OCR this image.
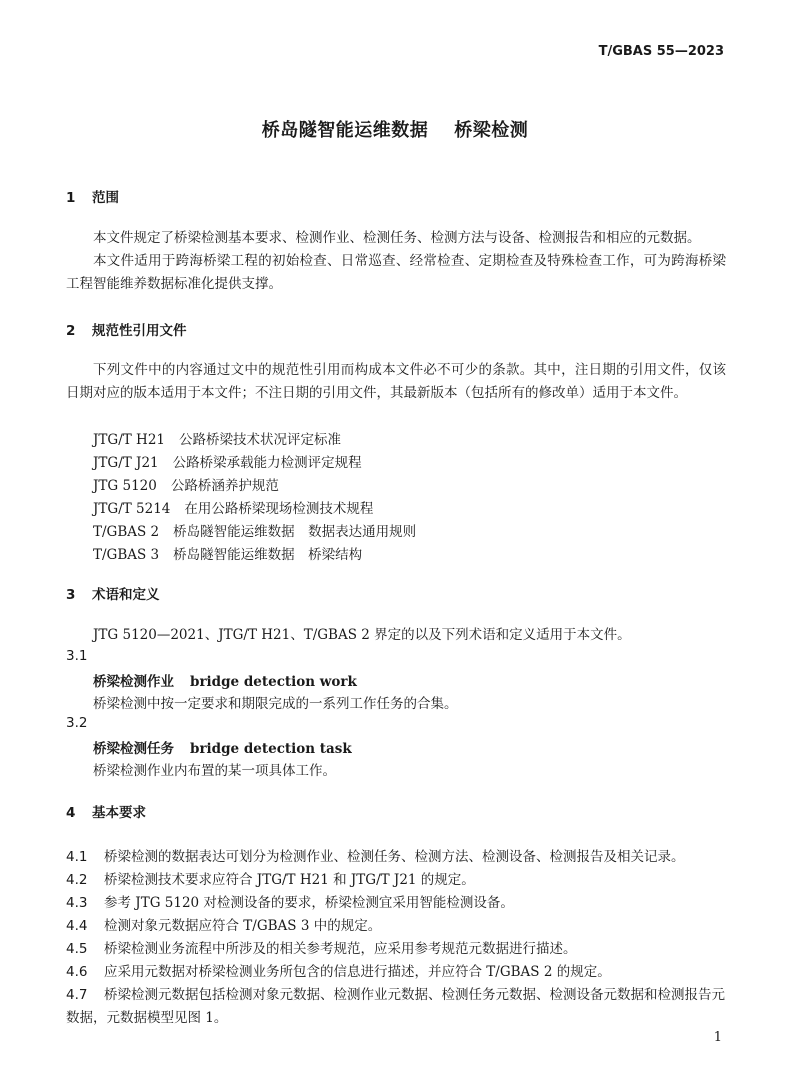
T/GBAS 55—2023
桥岛隧智能运维数据 桥梁检测
1 范围
本文件规定了桥梁检测基本要求、检测作业、检测任务、检测方法与设备、检测报告和相应的元数据。
本文件适用于跨海桥梁工程的初始检查、日常巡查、经常检查、定期检查及特殊检查工作，可为跨海桥梁工程智能维养数据标准化提供支撑。
2 规范性引用文件
下列文件中的内容通过文中的规范性引用而构成本文件必不可少的条款。其中，注日期的引用文件，仅该日期对应的版本适用于本文件；不注日期的引用文件，其最新版本（包括所有的修改单）适用于本文件。
JTG/T H21 公路桥梁技术状况评定标准
JTG/T J21 公路桥梁承载能力检测评定规程
JTG 5120 公路桥涵养护规范
JTG/T 5214 在用公路桥梁现场检测技术规程
T/GBAS 2 桥岛隧智能运维数据　数据表达通用规则
T/GBAS 3 桥岛隧智能运维数据　桥梁结构
3 术语和定义
JTG 5120—2021、JTG/T H21、T/GBAS 2 界定的以及下列术语和定义适用于本文件。
3.1
桥梁检测作业 bridge detection work
桥梁检测中按一定要求和期限完成的一系列工作任务的合集。
3.2
桥梁检测任务 bridge detection task
桥梁检测作业内布置的某一项具体工作。
4 基本要求
4.1 桥梁检测的数据表达可划分为检测作业、检测任务、检测方法、检测设备、检测报告及相关记录。
4.2 桥梁检测技术要求应符合 JTG/T H21 和 JTG/T J21 的规定。
4.3 参考 JTG 5120 对检测设备的要求，桥梁检测宜采用智能检测设备。
4.4 检测对象元数据应符合 T/GBAS 3 中的规定。
4.5 桥梁检测业务流程中所涉及的相关参考规范，应采用参考规范元数据进行描述。
4.6 应采用元数据对桥梁检测业务所包含的信息进行描述，并应符合 T/GBAS 2 的规定。
4.7 桥梁检测元数据包括检测对象元数据、检测作业元数据、检测任务元数据、检测设备元数据和检测报告元数据，元数据模型见图 1。
1
